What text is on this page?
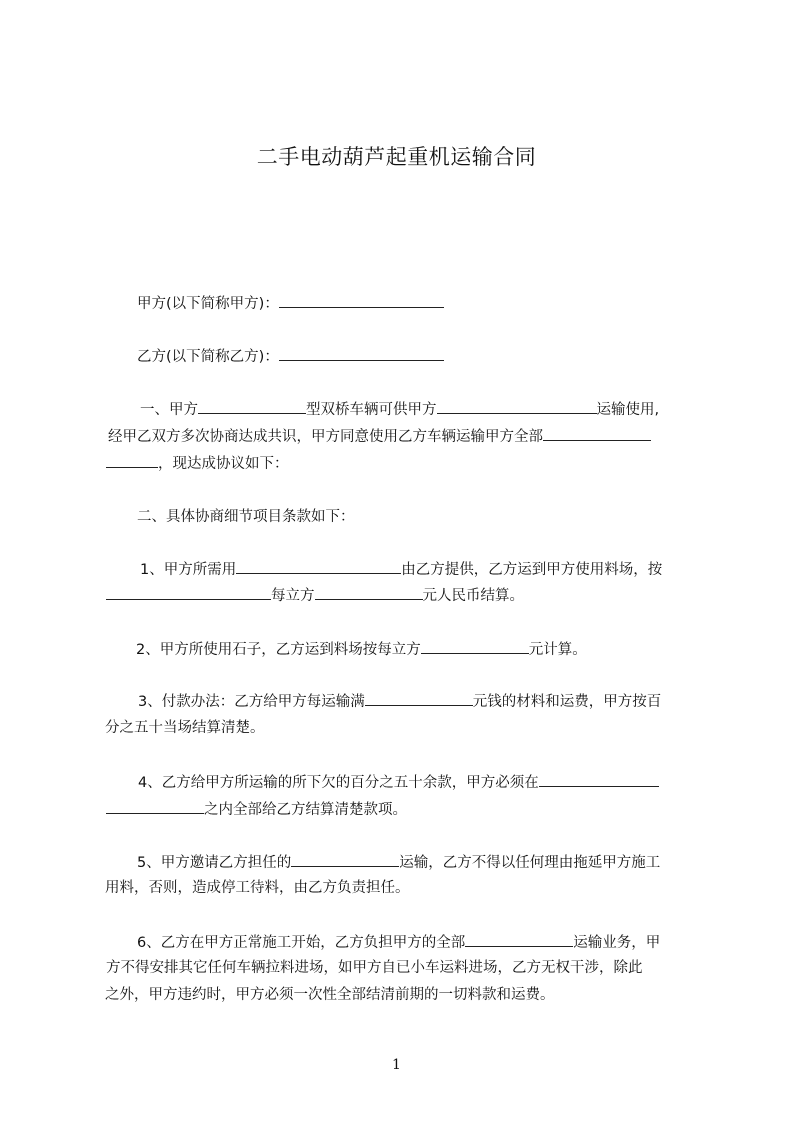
二手电动葫芦起重机运输合同
甲方(以下简称甲方)：
乙方(以下简称乙方)：
一、甲方	型双桥车辆可供甲方	运输使用,
经甲乙双方多次协商达成共识，甲方同意使用乙方车辆运输甲方全部
，现达成协议如下：
二、具体协商细节项目条款如下：
1、甲方所需用	由乙方提供，乙方运到甲方使用料场，按
每立方	元人民币结算。
2、甲方所使用石子，乙方运到料场按每立方	元计算。
3、付款办法：乙方给甲方每运输满	元钱的材料和运费，甲方按百
分之五十当场结算清楚。
4、乙方给甲方所运输的所下欠的百分之五十余款，甲方必须在
之内全部给乙方结算清楚款项。
5、甲方邀请乙方担任的	运输，乙方不得以任何理由拖延甲方施工
用料，否则，造成停工待料，由乙方负责担任。
6、乙方在甲方正常施工开始，乙方负担甲方的全部	运输业务，甲
方不得安排其它任何车辆拉料进场，如甲方自已小车运料进场，乙方无权干涉，除此
之外，甲方违约时，甲方必须一次性全部结清前期的一切料款和运费。
1
